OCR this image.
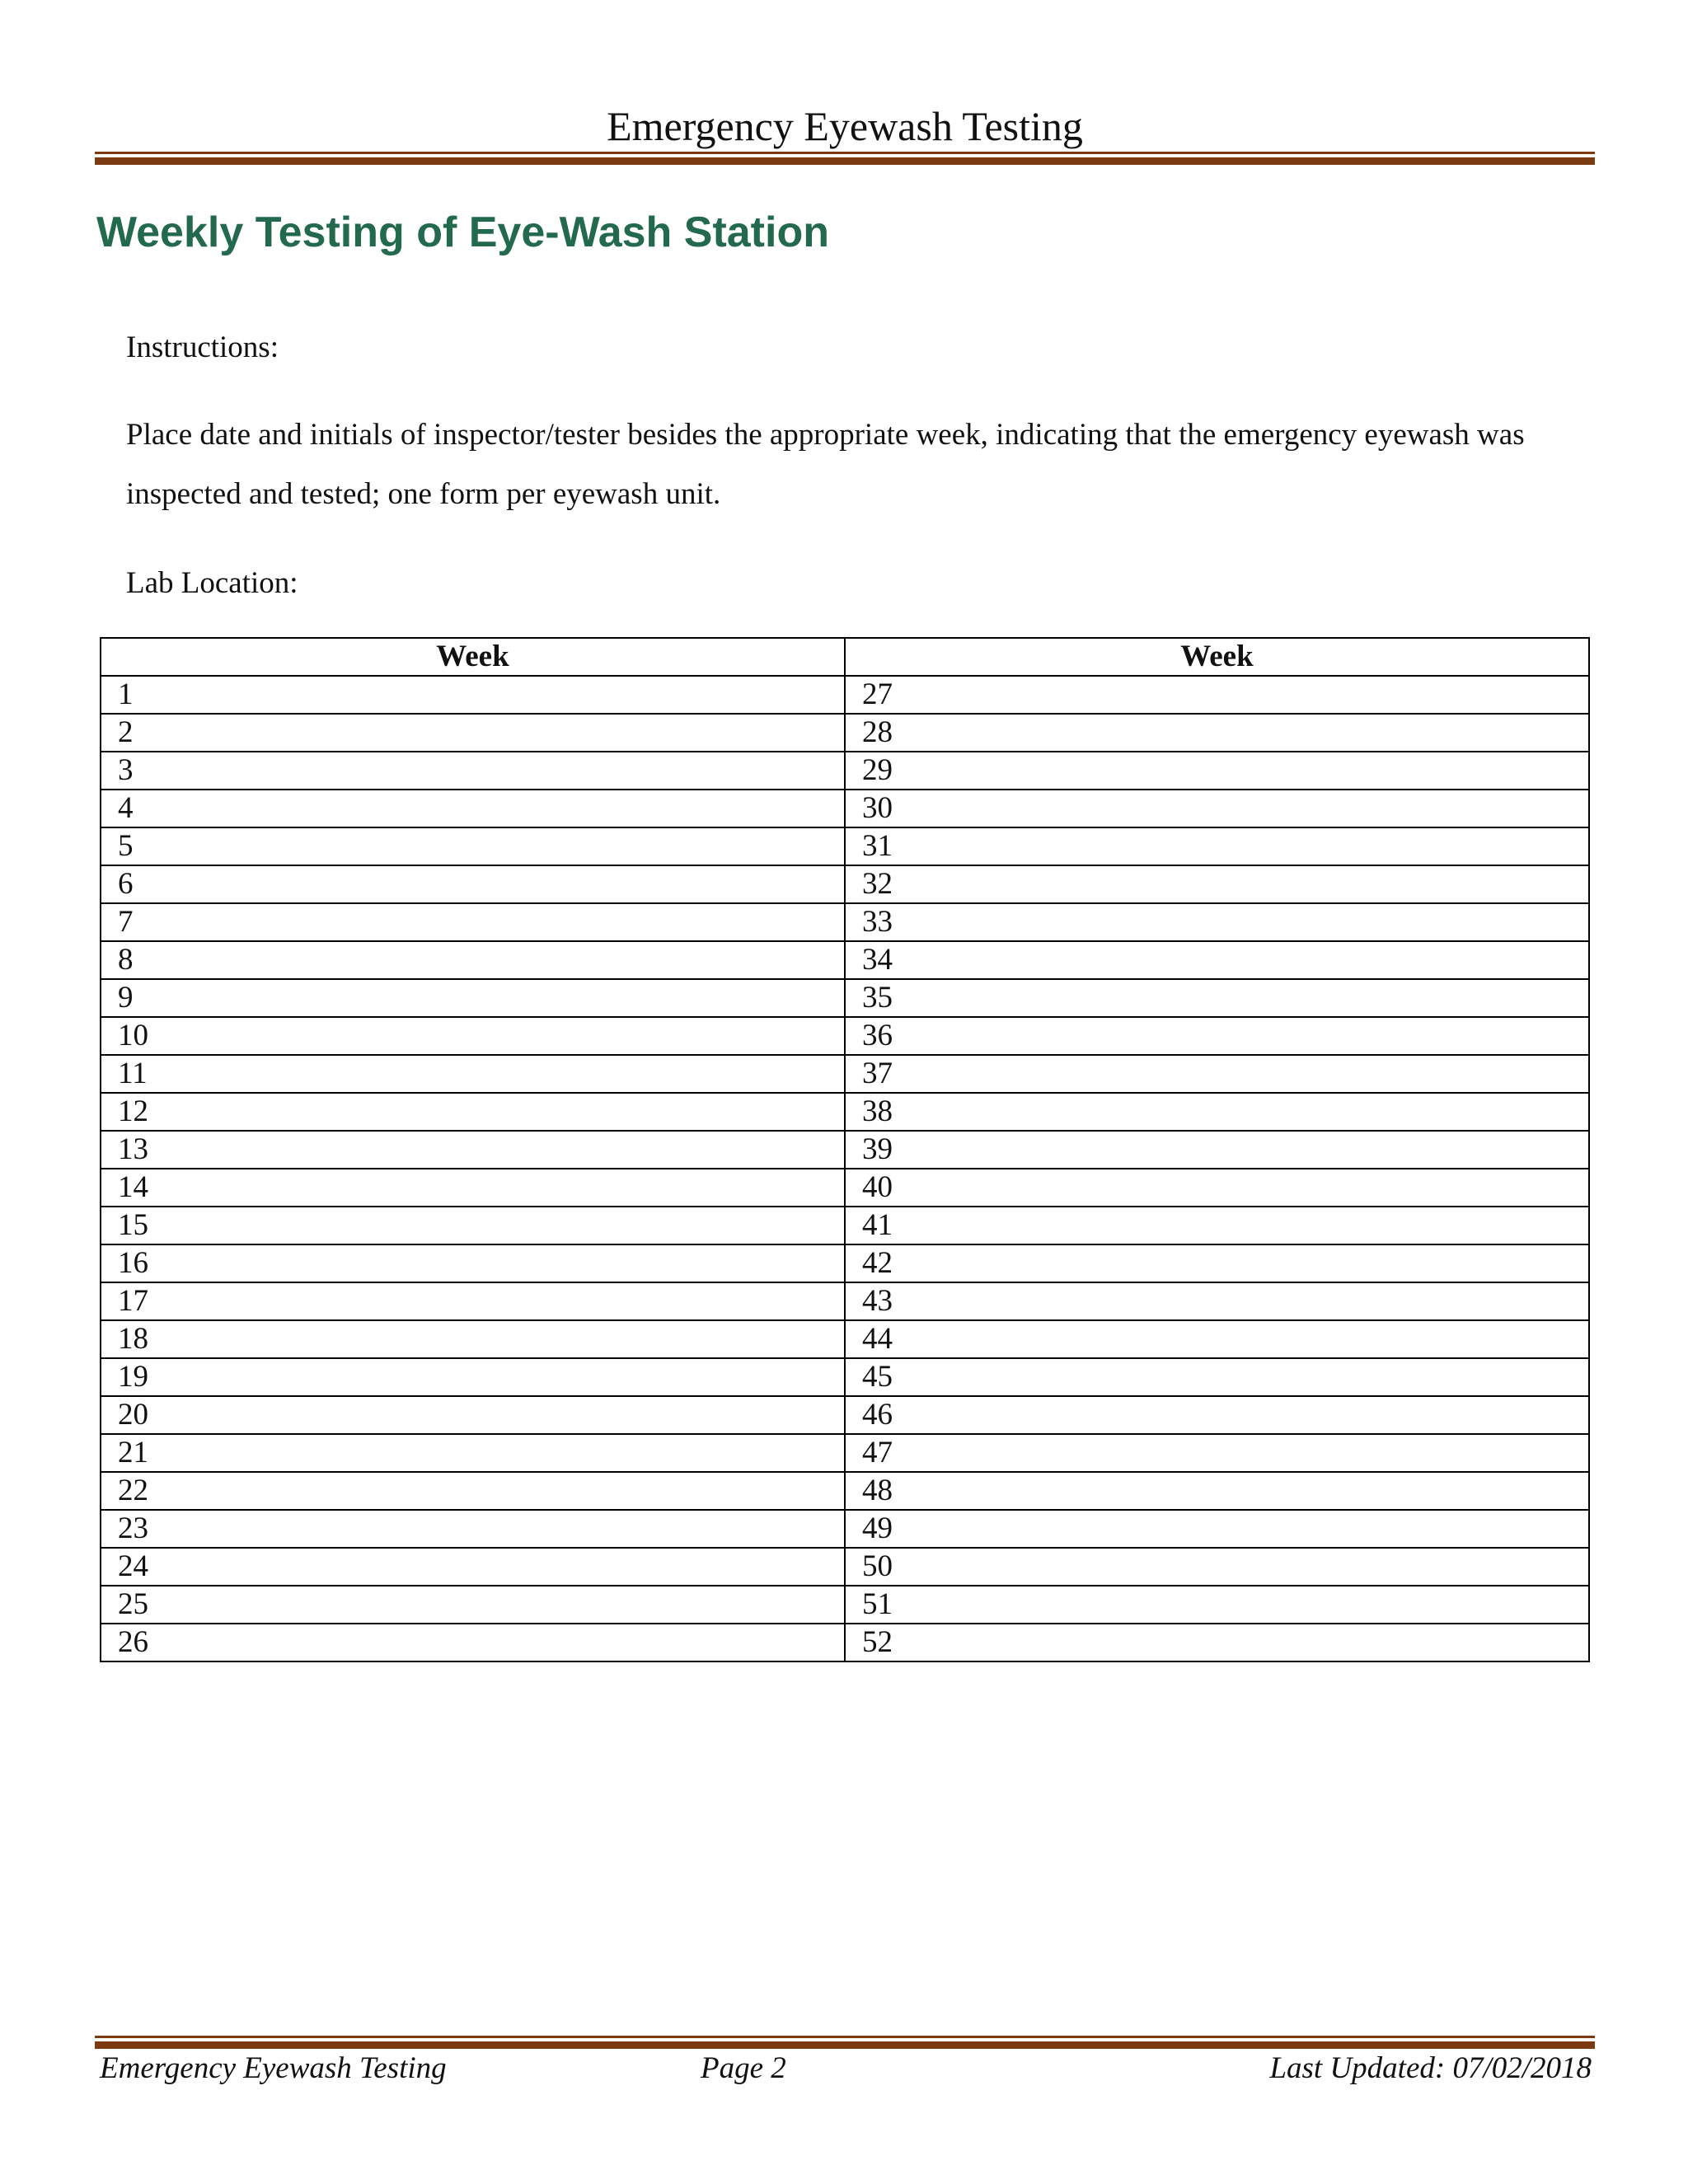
Emergency Eyewash Testing
Weekly Testing of Eye-Wash Station
Instructions:
Place date and initials of inspector/tester besides the appropriate week, indicating that the emergency eyewash was inspected and tested; one form per eyewash unit.
Lab Location:
Week	Week
1	27
2	28
3	29
4	30
5	31
6	32
7	33
8	34
9	35
10	36
11	37
12	38
13	39
14	40
15	41
16	42
17	43
18	44
19	45
20	46
21	47
22	48
23	49
24	50
25	51
26	52
Emergency Eyewash Testing	Page 2	Last Updated: 07/02/2018
